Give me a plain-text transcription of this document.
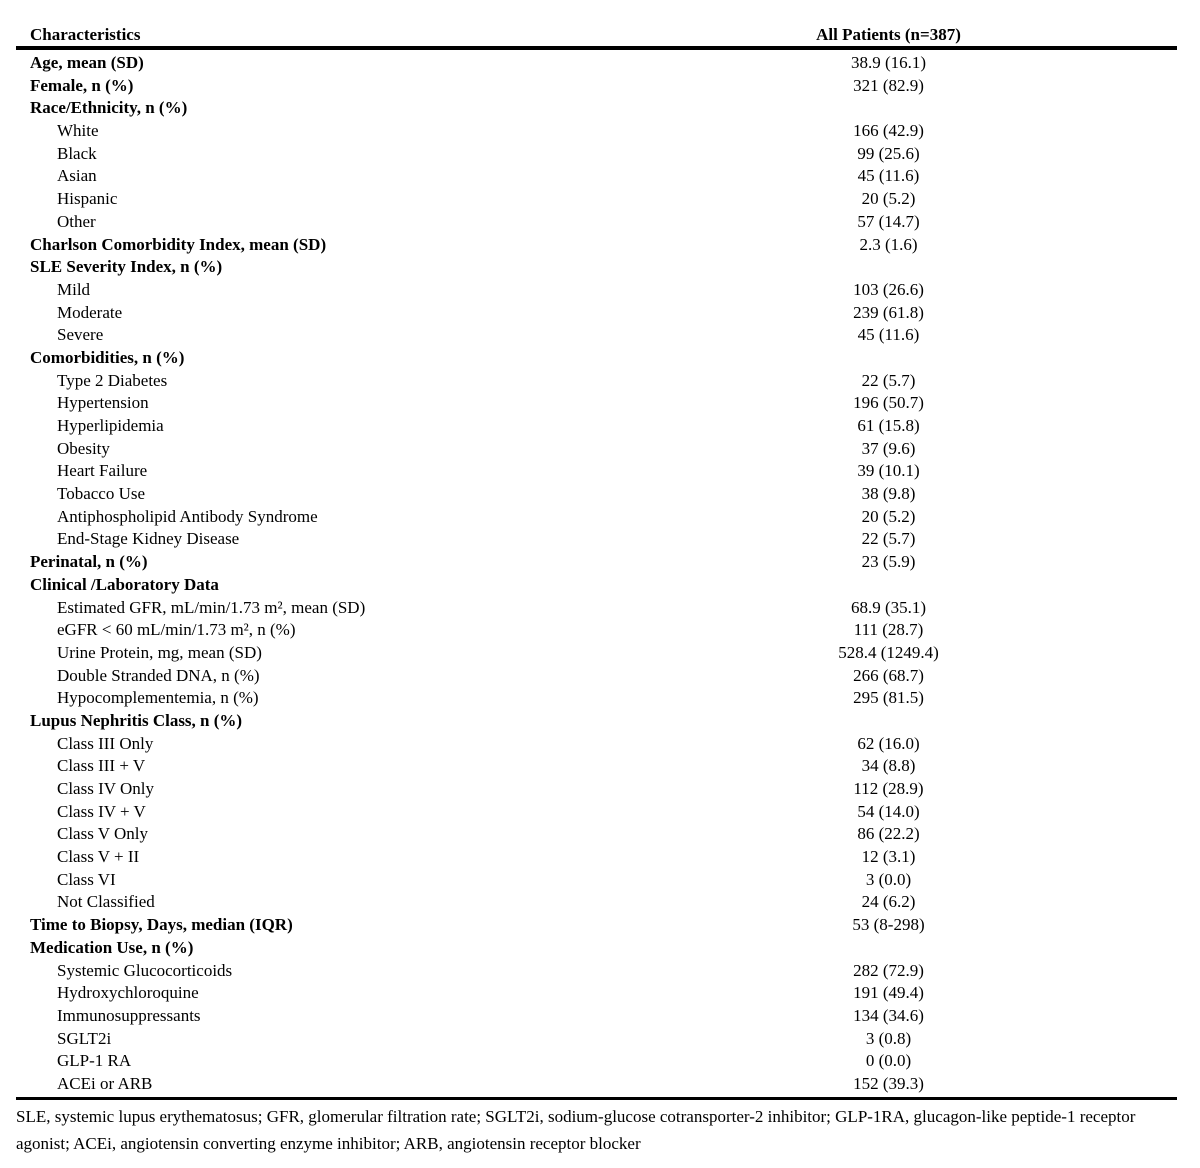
Characteristics	All Patients (n=387)
Age, mean (SD)	38.9 (16.1)
Female, n (%)	321 (82.9)
Race/Ethnicity, n (%)
White	166 (42.9)
Black	99 (25.6)
Asian	45 (11.6)
Hispanic	20 (5.2)
Other	57 (14.7)
Charlson Comorbidity Index, mean (SD)	2.3 (1.6)
SLE Severity Index, n (%)
Mild	103 (26.6)
Moderate	239 (61.8)
Severe	45 (11.6)
Comorbidities, n (%)
Type 2 Diabetes	22 (5.7)
Hypertension	196 (50.7)
Hyperlipidemia	61 (15.8)
Obesity	37 (9.6)
Heart Failure	39 (10.1)
Tobacco Use	38 (9.8)
Antiphospholipid Antibody Syndrome	20 (5.2)
End-Stage Kidney Disease	22 (5.7)
Perinatal, n (%)	23 (5.9)
Clinical /Laboratory Data
Estimated GFR, mL/min/1.73 m², mean (SD)	68.9 (35.1)
eGFR < 60 mL/min/1.73 m², n (%)	111 (28.7)
Urine Protein, mg, mean (SD)	528.4 (1249.4)
Double Stranded DNA, n (%)	266 (68.7)
Hypocomplementemia, n (%)	295 (81.5)
Lupus Nephritis Class, n (%)
Class III Only	62 (16.0)
Class III + V	34 (8.8)
Class IV Only	112 (28.9)
Class IV + V	54 (14.0)
Class V Only	86 (22.2)
Class V + II	12 (3.1)
Class VI	3 (0.0)
Not Classified	24 (6.2)
Time to Biopsy, Days, median (IQR)	53 (8-298)
Medication Use, n (%)
Systemic Glucocorticoids	282 (72.9)
Hydroxychloroquine	191 (49.4)
Immunosuppressants	134 (34.6)
SGLT2i	3 (0.8)
GLP-1 RA	0 (0.0)
ACEi or ARB	152 (39.3)
SLE, systemic lupus erythematosus; GFR, glomerular filtration rate; SGLT2i, sodium-glucose cotransporter-2 inhibitor; GLP-1RA, glucagon-like peptide-1 receptor agonist; ACEi, angiotensin converting enzyme inhibitor; ARB, angiotensin receptor blocker
